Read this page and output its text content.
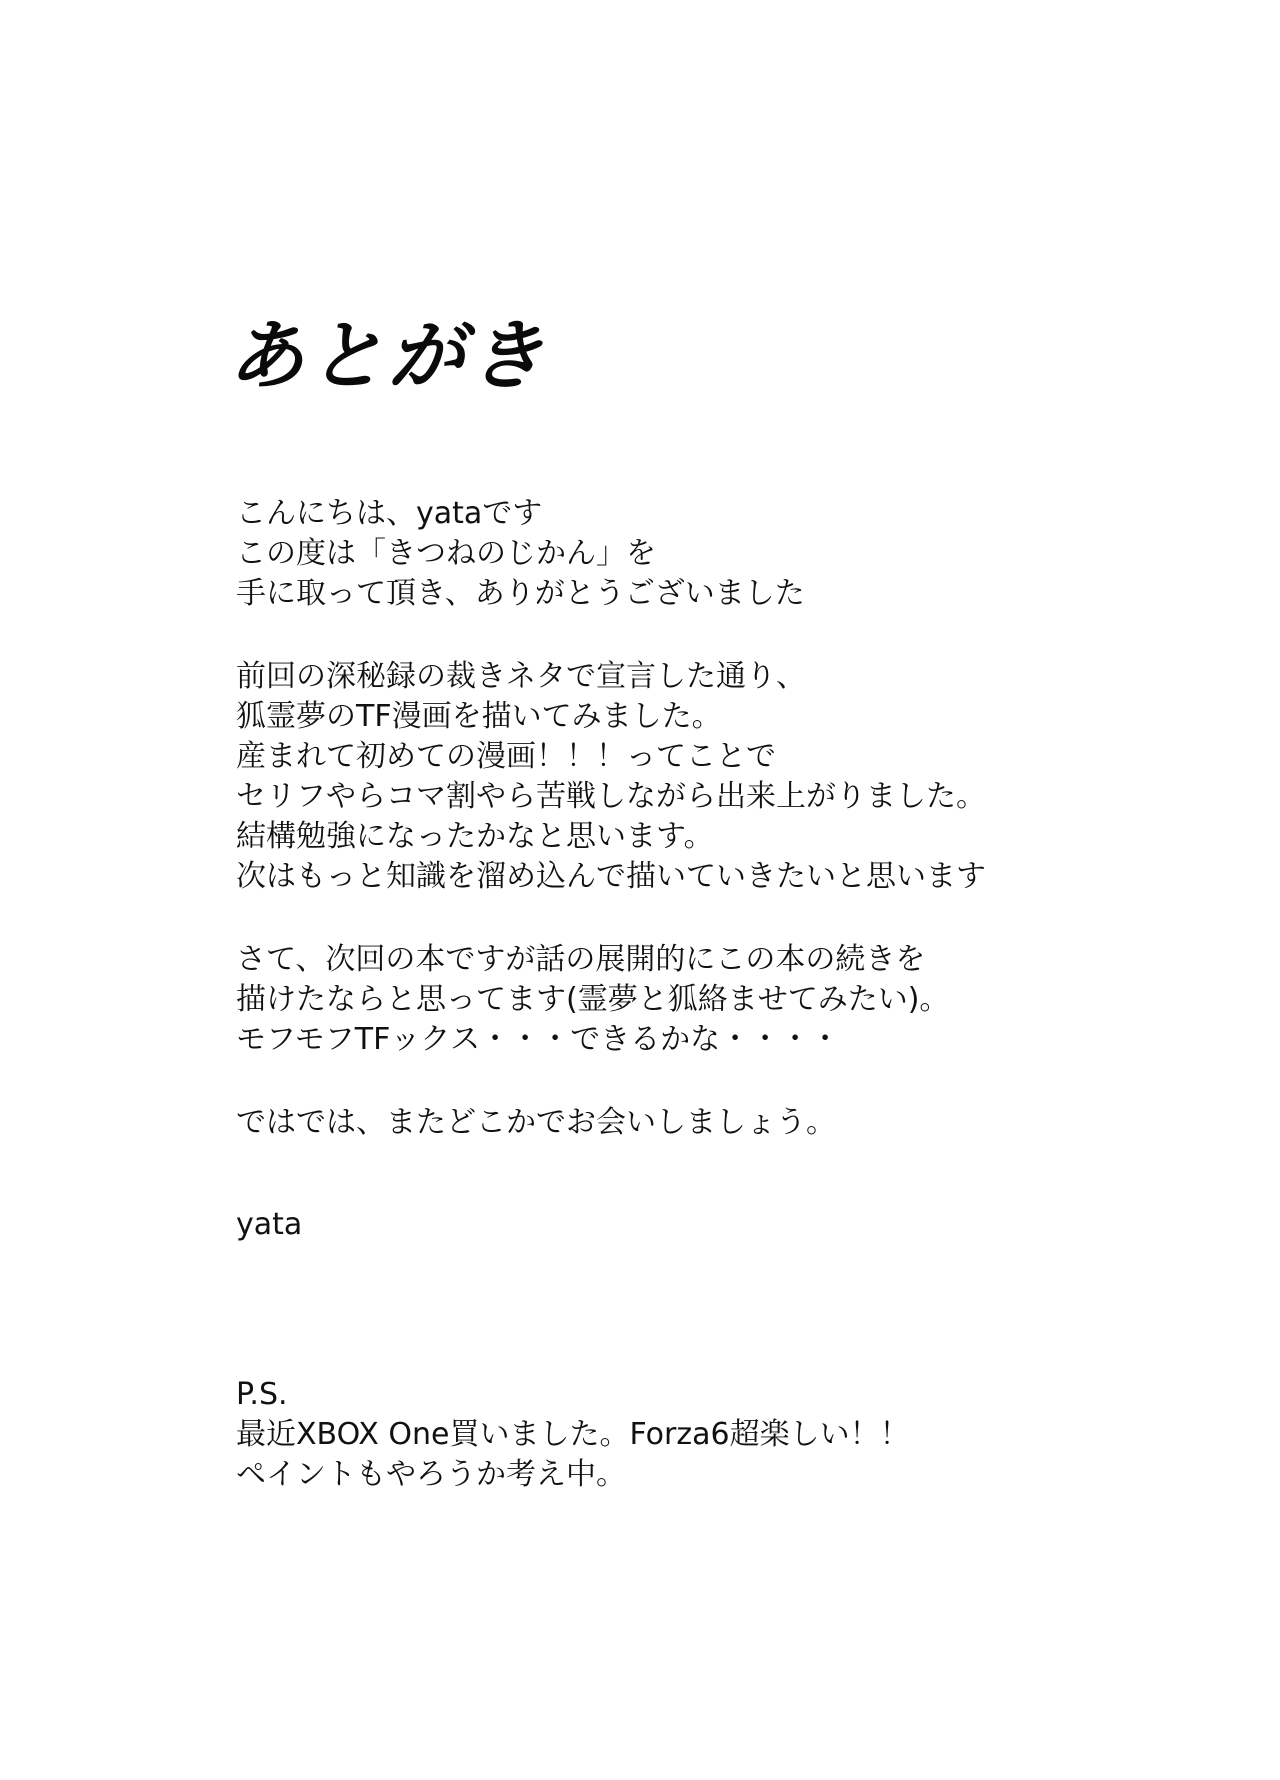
あとがき
こんにちは、yataです
この度は「きつねのじかん」を
手に取って頂き、ありがとうございました
前回の深秘録の裁きネタで宣言した通り、
狐霊夢のTF漫画を描いてみました。
産まれて初めての漫画！！！ってことで
セリフやらコマ割やら苦戦しながら出来上がりました。
結構勉強になったかなと思います。
次はもっと知識を溜め込んで描いていきたいと思います
さて、次回の本ですが話の展開的にこの本の続きを
描けたならと思ってます(霊夢と狐絡ませてみたい)。
モフモフTFックス・・・できるかな・・・・
ではでは、またどこかでお会いしましょう。
yata
P.S.
最近XBOX One買いました。Forza6超楽しい！！
ペイントもやろうか考え中。
